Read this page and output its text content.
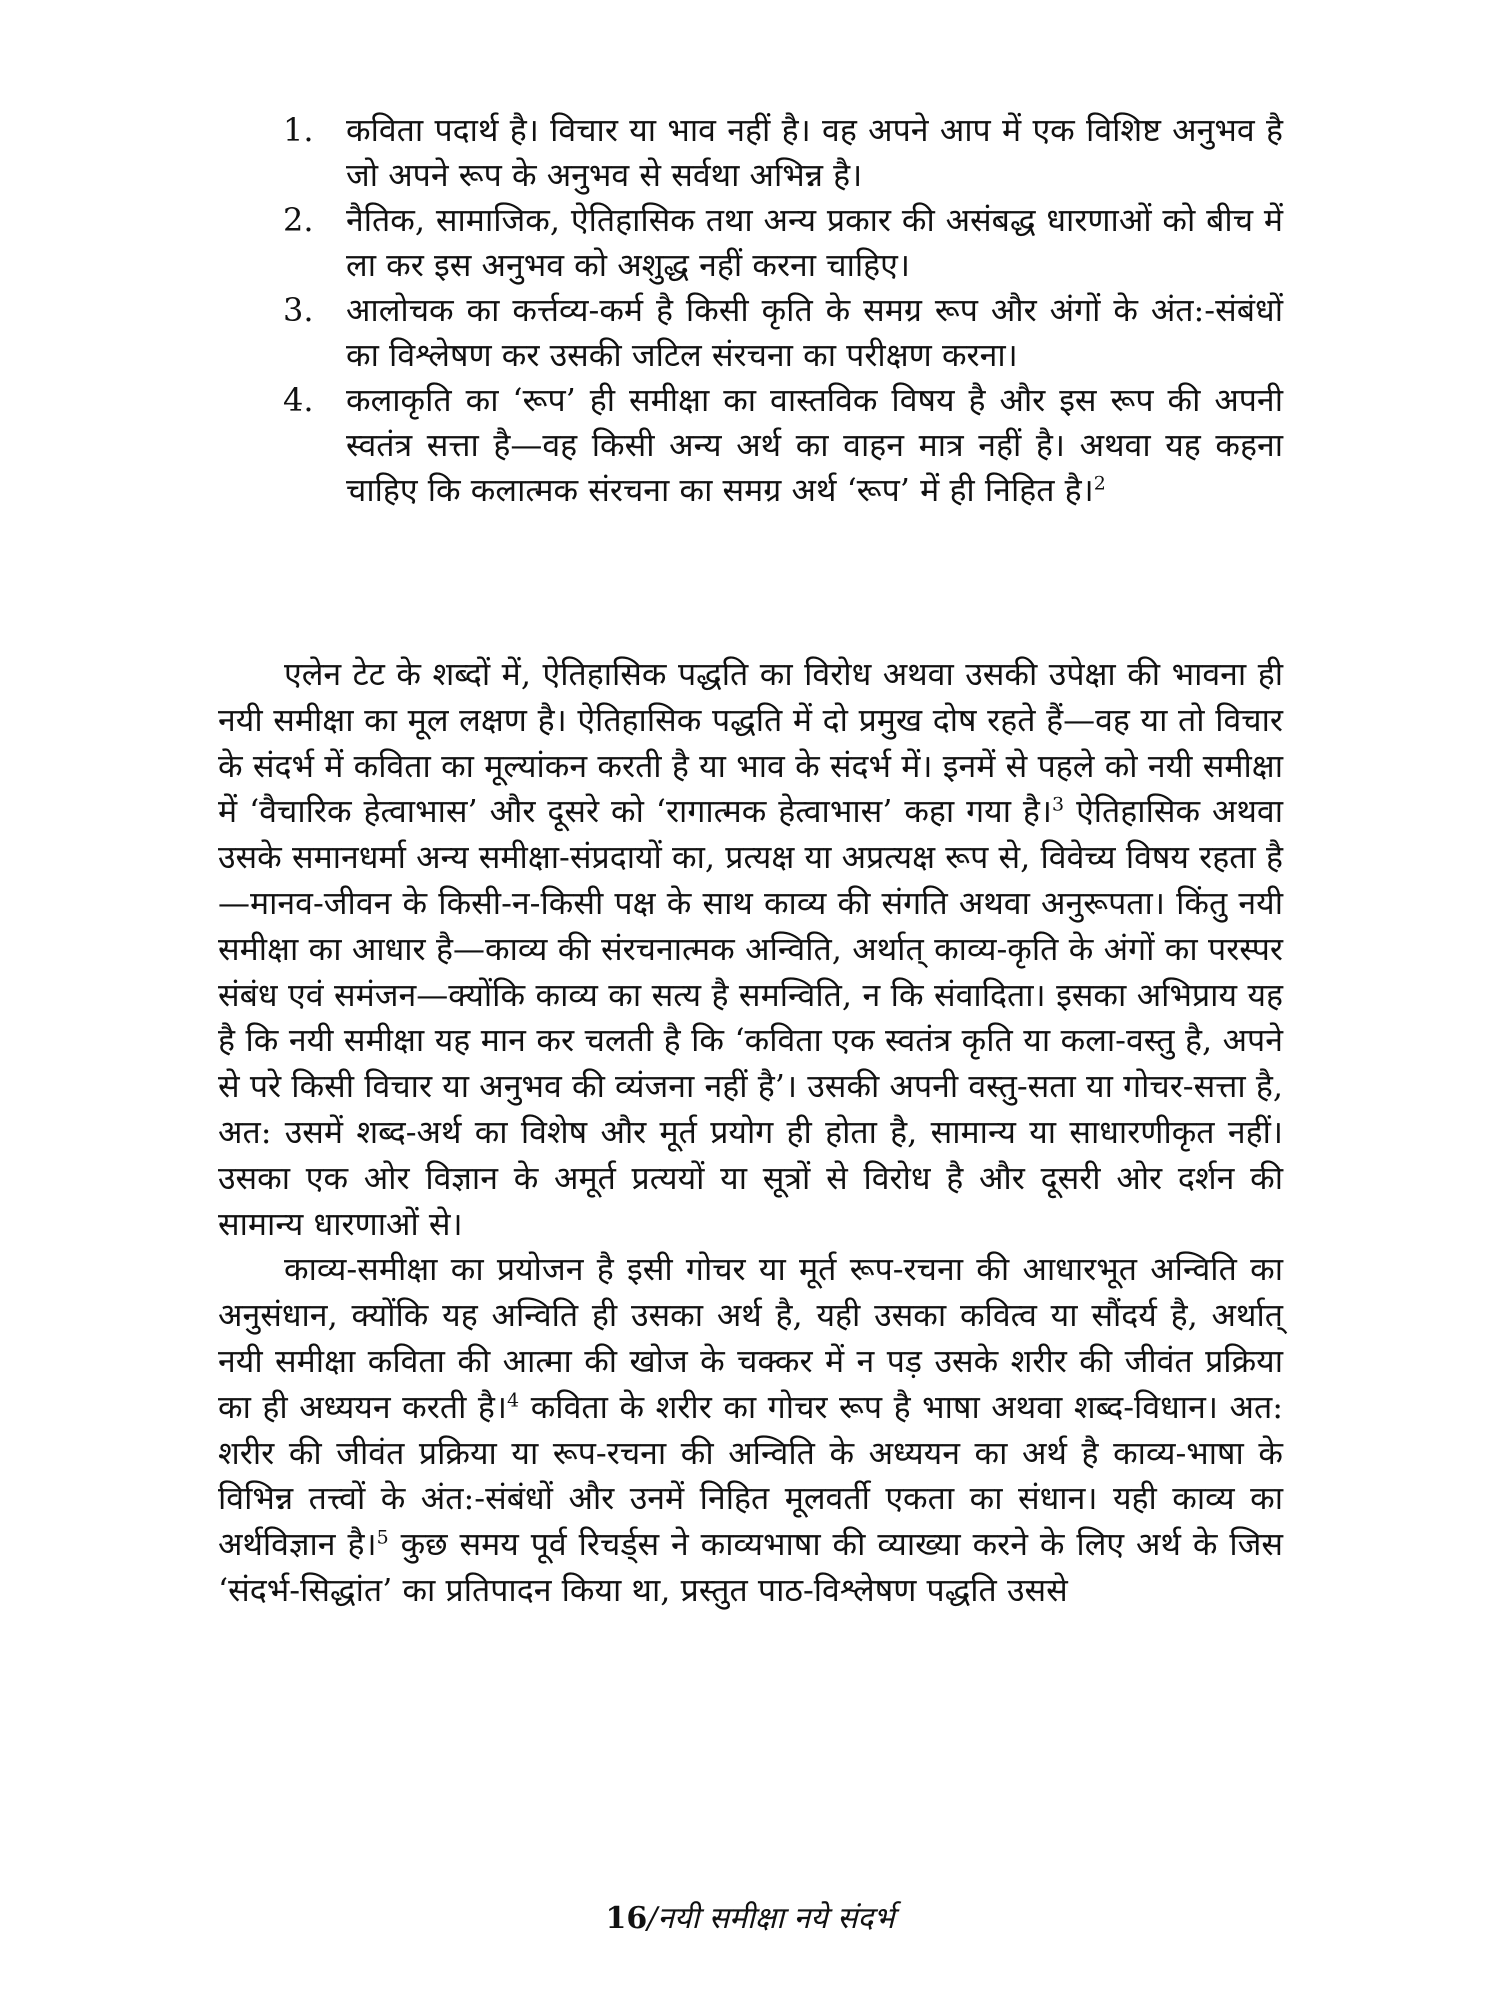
1.	कविता पदार्थ है। विचार या भाव नहीं है। वह अपने आप में एक विशिष्ट अनुभव है जो अपने रूप के अनुभव से सर्वथा अभिन्न है।
2.	नैतिक, सामाजिक, ऐतिहासिक तथा अन्य प्रकार की असंबद्ध धारणाओं को बीच में ला कर इस अनुभव को अशुद्ध नहीं करना चाहिए।
3.	आलोचक का कर्त्तव्य-कर्म है किसी कृति के समग्र रूप और अंगों के अंत:-संबंधों का विश्लेषण कर उसकी जटिल संरचना का परीक्षण करना।
4.	कलाकृति का ‘रूप’ ही समीक्षा का वास्तविक विषय है और इस रूप की अपनी स्वतंत्र सत्ता है—वह किसी अन्य अर्थ का वाहन मात्र नहीं है। अथवा यह कहना चाहिए कि कलात्मक संरचना का समग्र अर्थ ‘रूप’ में ही निहित है।$^2$

एलेन टेट के शब्दों में, ऐतिहासिक पद्धति का विरोध अथवा उसकी उपेक्षा की भावना ही नयी समीक्षा का मूल लक्षण है। ऐतिहासिक पद्धति में दो प्रमुख दोष रहते हैं—वह या तो विचार के संदर्भ में कविता का मूल्यांकन करती है या भाव के संदर्भ में। इनमें से पहले को नयी समीक्षा में ‘वैचारिक हेत्वाभास’ और दूसरे को ‘रागात्मक हेत्वाभास’ कहा गया है।$^3$ ऐतिहासिक अथवा उसके समानधर्मा अन्य समीक्षा-संप्रदायों का, प्रत्यक्ष या अप्रत्यक्ष रूप से, विवेच्य विषय रहता है—मानव-जीवन के किसी-न-किसी पक्ष के साथ काव्य की संगति अथवा अनुरूपता। किंतु नयी समीक्षा का आधार है—काव्य की संरचनात्मक अन्विति, अर्थात् काव्य-कृति के अंगों का परस्पर संबंध एवं समंजन—क्योंकि काव्य का सत्य है समन्विति, न कि संवादिता। इसका अभिप्राय यह है कि नयी समीक्षा यह मान कर चलती है कि ‘कविता एक स्वतंत्र कृति या कला-वस्तु है, अपने से परे किसी विचार या अनुभव की व्यंजना नहीं है’। उसकी अपनी वस्तु-सता या गोचर-सत्ता है, अत: उसमें शब्द-अर्थ का विशेष और मूर्त प्रयोग ही होता है, सामान्य या साधारणीकृत नहीं। उसका एक ओर विज्ञान के अमूर्त प्रत्ययों या सूत्रों से विरोध है और दूसरी ओर दर्शन की सामान्य धारणाओं से।

काव्य-समीक्षा का प्रयोजन है इसी गोचर या मूर्त रूप-रचना की आधारभूत अन्विति का अनुसंधान, क्योंकि यह अन्विति ही उसका अर्थ है, यही उसका कवित्व या सौंदर्य है, अर्थात् नयी समीक्षा कविता की आत्मा की खोज के चक्कर में न पड़ उसके शरीर की जीवंत प्रक्रिया का ही अध्ययन करती है।$^4$ कविता के शरीर का गोचर रूप है भाषा अथवा शब्द-विधान। अत: शरीर की जीवंत प्रक्रिया या रूप-रचना की अन्विति के अध्ययन का अर्थ है काव्य-भाषा के विभिन्न तत्त्वों के अंत:-संबंधों और उनमें निहित मूलवर्ती एकता का संधान। यही काव्य का अर्थविज्ञान है।$^5$ कुछ समय पूर्व रिचर्ड्स ने काव्यभाषा की व्याख्या करने के लिए अर्थ के जिस ‘संदर्भ-सिद्धांत’ का प्रतिपादन किया था, प्रस्तुत पाठ-विश्लेषण पद्धति उससे

16/नयी समीक्षा नये संदर्भ
